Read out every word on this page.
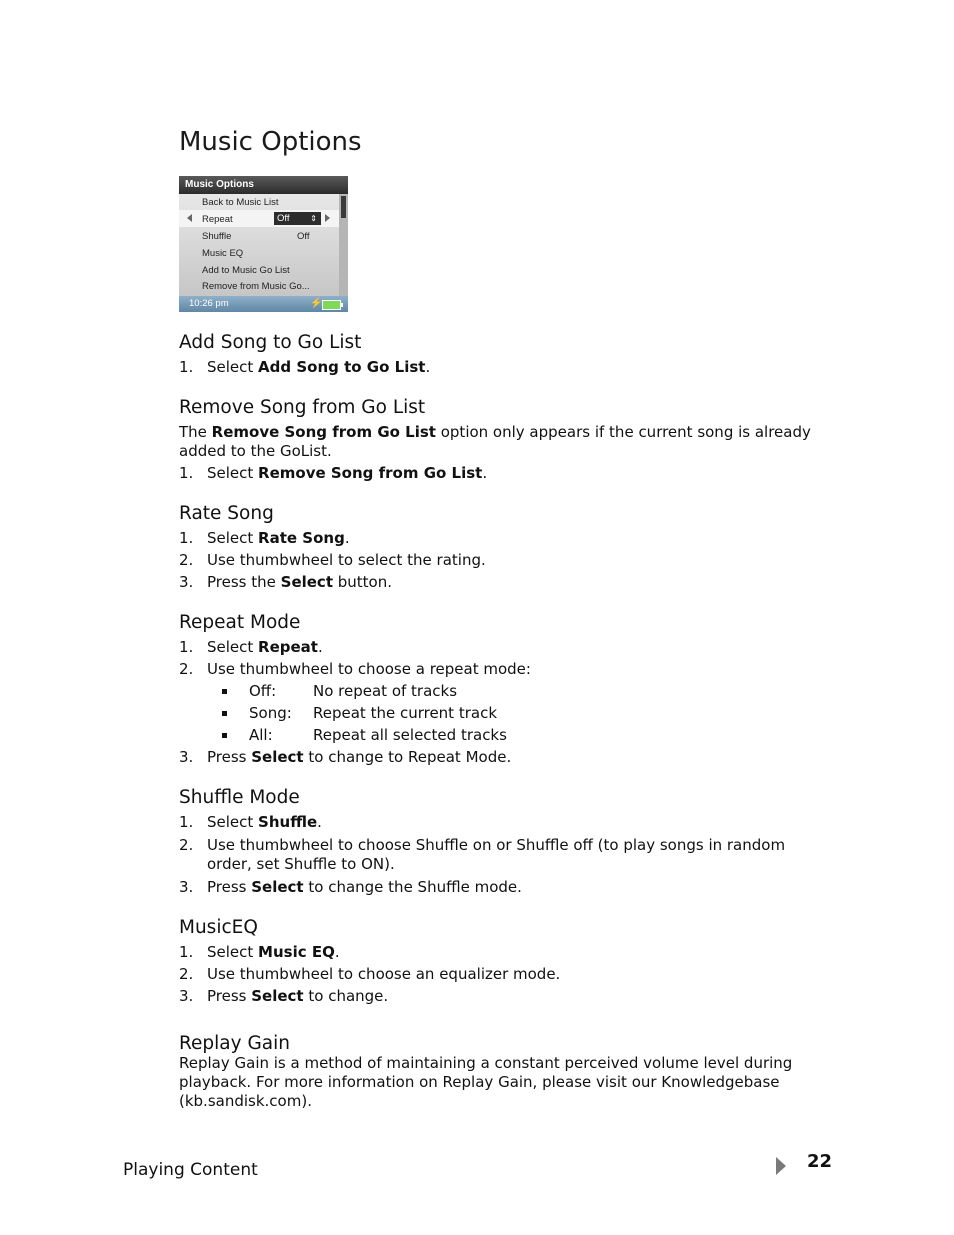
Music Options
Music Options
Back to Music List
Repeat	Off	⇕
Shuffle	Off
Music EQ
Add to Music Go List
Remove from Music Go...
10:26 pm	⚡
Add Song to Go List
1. Select Add Song to Go List.
Remove Song from Go List
The Remove Song from Go List option only appears if the current song is already added to the GoList.
1. Select Remove Song from Go List.
Rate Song
1. Select Rate Song.
2. Use thumbwheel to select the rating.
3. Press the Select button.
Repeat Mode
1. Select Repeat.
2. Use thumbwheel to choose a repeat mode:
Off: No repeat of tracks
Song: Repeat the current track
All:	Repeat all selected tracks
3. Press Select to change to Repeat Mode.
Shuffle Mode
1. Select Shuffle.
2. Use thumbwheel to choose Shuffle on or Shuffle off (to play songs in random order, set Shuffle to ON).
3. Press Select to change the Shuffle mode.
MusicEQ
1. Select Music EQ.
2. Use thumbwheel to choose an equalizer mode.
3. Press Select to change.
Replay Gain
Replay Gain is a method of maintaining a constant perceived volume level during playback. For more information on Replay Gain, please visit our Knowledgebase (kb.sandisk.com).
Playing Content	22
